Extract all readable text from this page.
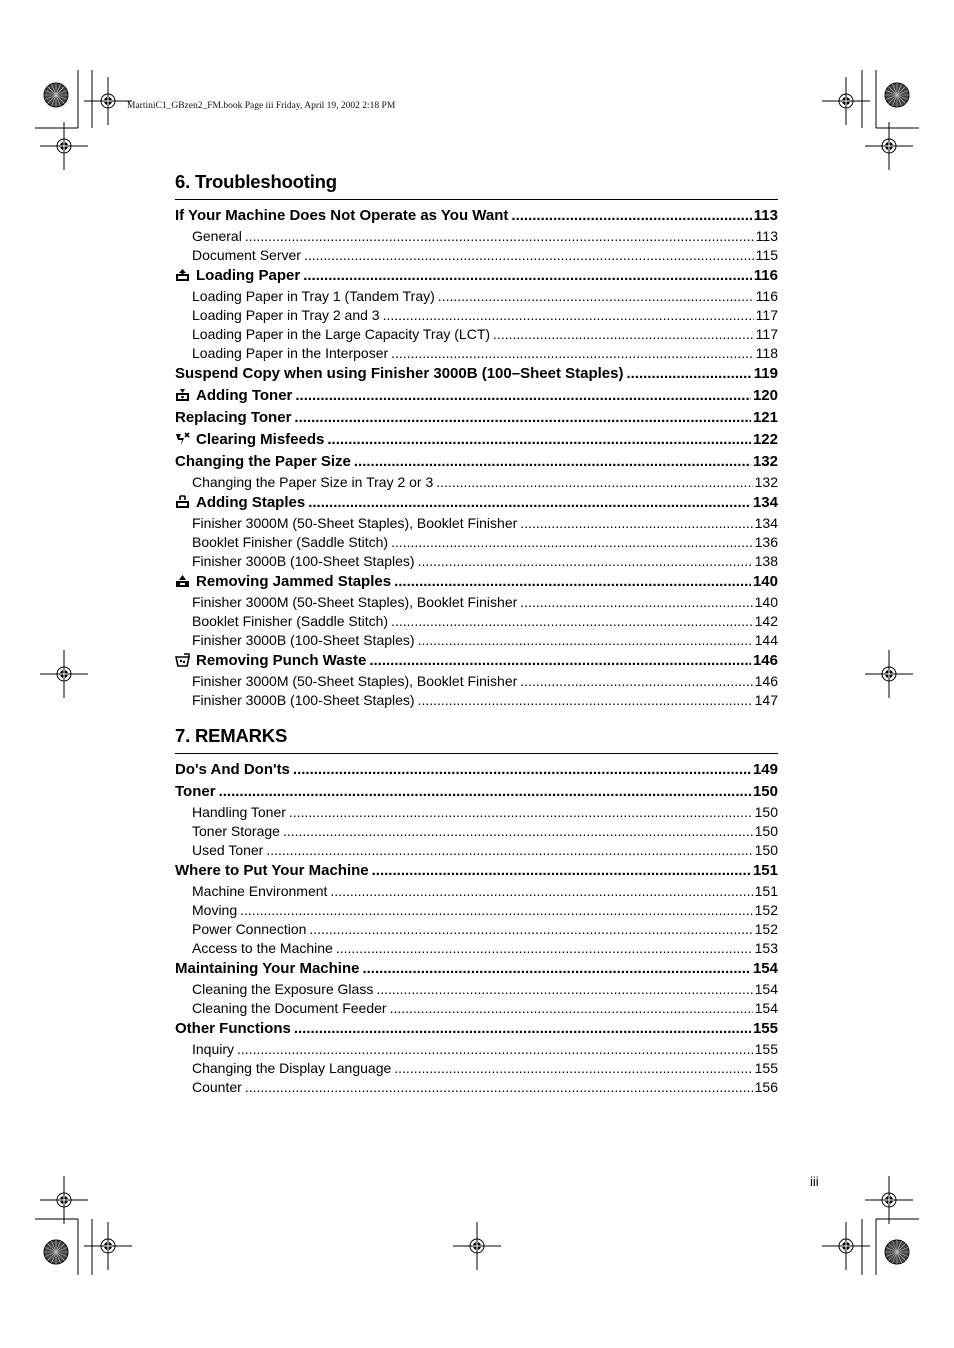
MartiniC1_GBzen2_FM.book Page iii Friday, April 19, 2002 2:18 PM
6. Troubleshooting
If Your Machine Does Not Operate as You Want .....	113
General .....	113
Document Server .....	115
Loading Paper .....	116
Loading Paper in Tray 1 (Tandem Tray) .....	116
Loading Paper in Tray 2 and 3 .....	117
Loading Paper in the Large Capacity Tray (LCT) .....	117
Loading Paper in the Interposer .....	118
Suspend Copy when using Finisher 3000B (100–Sheet Staples) .....	119
Adding Toner .....	120
Replacing Toner .....	121
Clearing Misfeeds .....	122
Changing the Paper Size .....	132
Changing the Paper Size in Tray 2 or 3 .....	132
Adding Staples .....	134
Finisher 3000M (50-Sheet Staples), Booklet Finisher .....	134
Booklet Finisher (Saddle Stitch) .....	136
Finisher 3000B (100-Sheet Staples) .....	138
Removing Jammed Staples .....	140
Finisher 3000M (50-Sheet Staples), Booklet Finisher .....	140
Booklet Finisher (Saddle Stitch) .....	142
Finisher 3000B (100-Sheet Staples) .....	144
Removing Punch Waste .....	146
Finisher 3000M (50-Sheet Staples), Booklet Finisher .....	146
Finisher 3000B (100-Sheet Staples) .....	147
7. REMARKS
Do's And Don'ts .....	149
Toner .....	150
Handling Toner .....	150
Toner Storage .....	150
Used Toner .....	150
Where to Put Your Machine .....	151
Machine Environment .....	151
Moving .....	152
Power Connection .....	152
Access to the Machine .....	153
Maintaining Your Machine .....	154
Cleaning the Exposure Glass .....	154
Cleaning the Document Feeder .....	154
Other Functions .....	155
Inquiry .....	155
Changing the Display Language .....	155
Counter .....	156
iii
